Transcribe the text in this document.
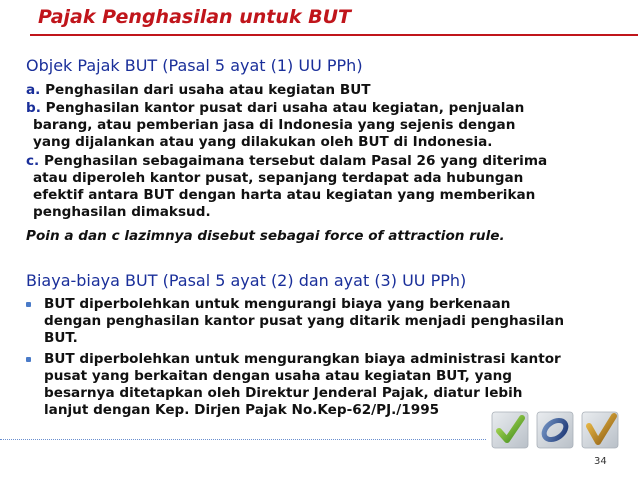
Pajak Penghasilan untuk BUT
Objek Pajak BUT (Pasal 5 ayat (1) UU PPh)
a. Penghasilan dari usaha atau kegiatan BUT
b. Penghasilan kantor pusat dari usaha atau kegiatan, penjualan
barang, atau pemberian jasa di Indonesia yang sejenis dengan
yang dijalankan atau yang dilakukan oleh BUT di Indonesia.
c. Penghasilan sebagaimana tersebut dalam Pasal 26 yang diterima
atau diperoleh kantor pusat, sepanjang terdapat ada hubungan
efektif antara BUT dengan harta atau kegiatan yang memberikan
penghasilan dimaksud.
Poin a dan c lazimnya disebut sebagai force of attraction rule.
Biaya-biaya BUT (Pasal 5 ayat (2) dan ayat (3) UU PPh)
BUT diperbolehkan untuk mengurangi biaya yang berkenaan
dengan penghasilan kantor pusat yang ditarik menjadi penghasilan
BUT.
BUT diperbolehkan untuk mengurangkan biaya administrasi kantor
pusat yang berkaitan dengan usaha atau kegiatan BUT, yang
besarnya ditetapkan oleh Direktur Jenderal Pajak, diatur lebih
lanjut dengan Kep. Dirjen Pajak No.Kep-62/PJ./1995
34
